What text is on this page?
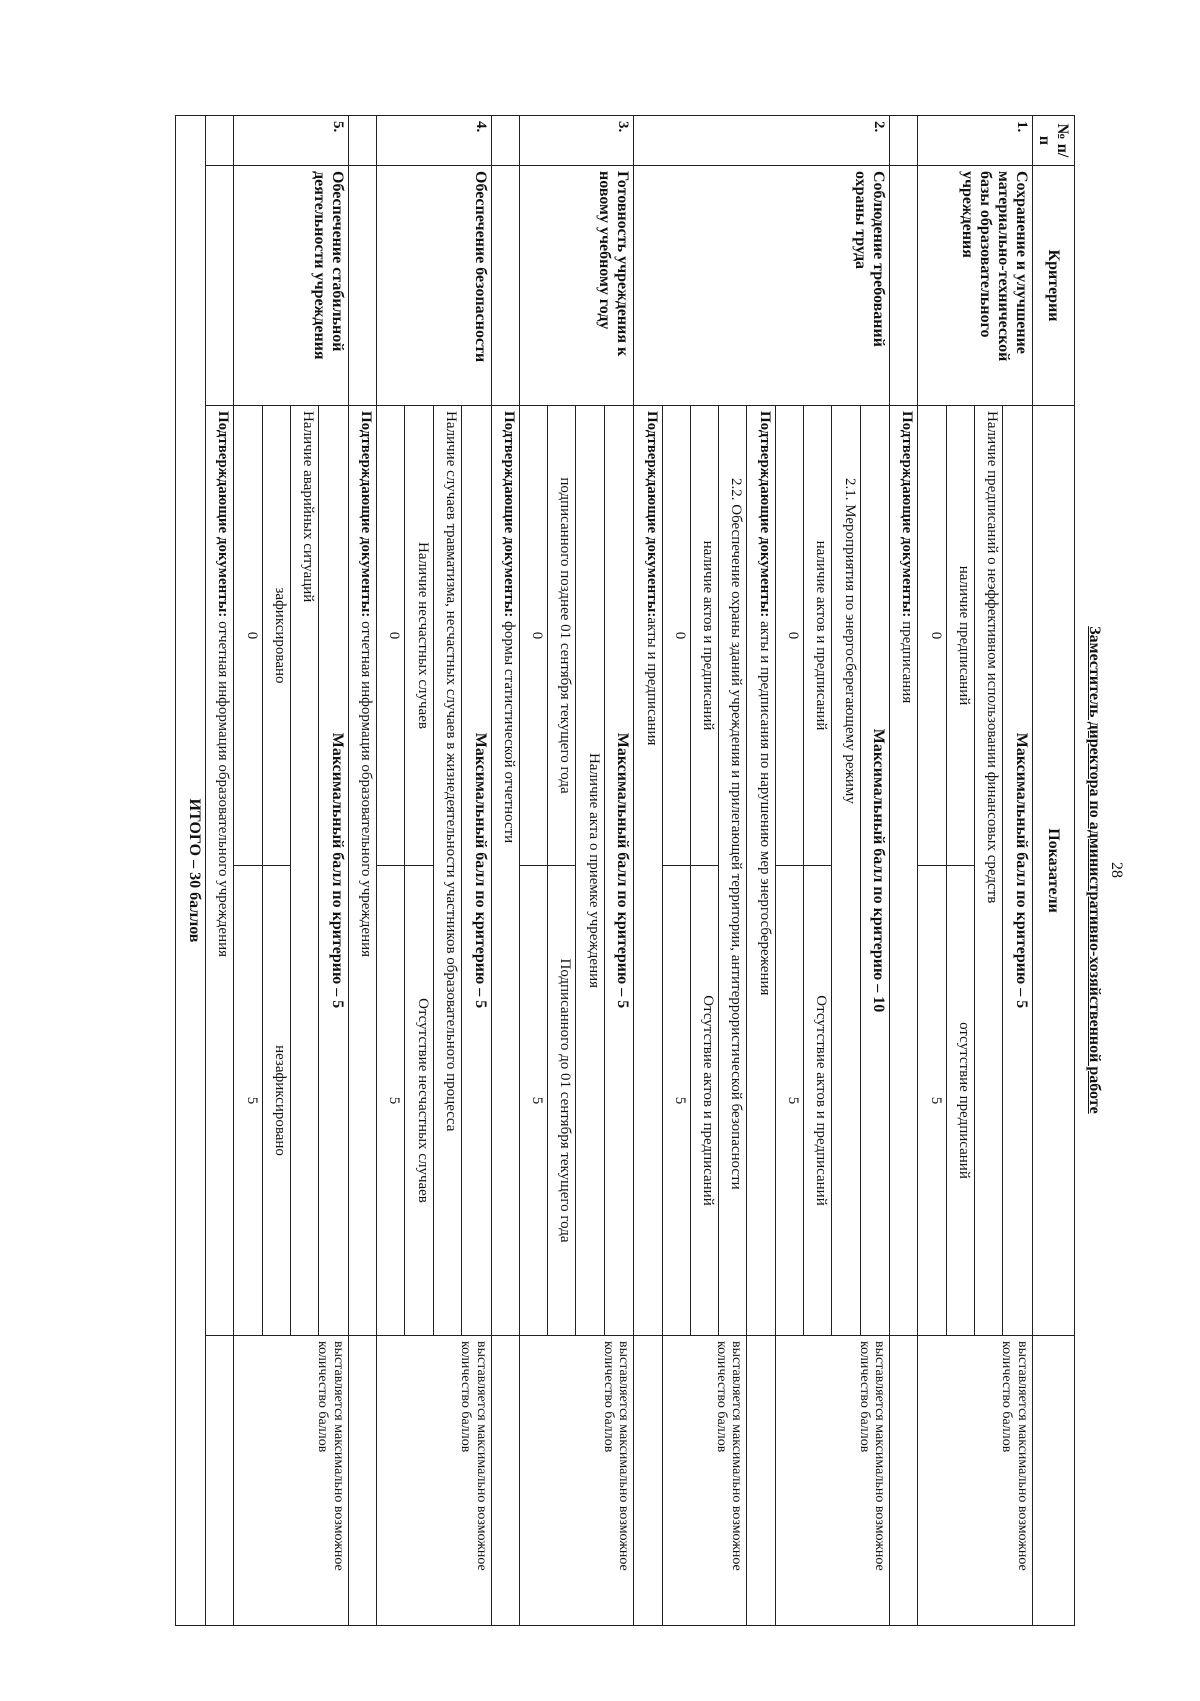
28
Заместитель директора по административно-хозяйственной работе
№ п/п	Критерии	Показатели		
1.	Сохранение и улучшение материально-технической базы образовательного учреждения	Максимальный балл по критерию – 5		выставляется максимально возможное количество баллов
		Наличие предписаний о неэффективном использовании финансовых средств		
		наличие предписаний	отсутствие предписаний	
		0	5	
		Подтверждающие документы: предписания		
2.	Соблюдение требований охраны труда	Максимальный балл по критерию – 10		выставляется максимально возможное количество баллов
		2.1. Мероприятия по энергосберегающему режиму		
		наличие актов и предписаний	Отсутствие актов и предписаний	
		0	5	
		Подтверждающие документы: акты и предписания по нарушению мер энергосбережения		
		2.2. Обеспечение охраны зданий учреждения и прилегающей территории, антитеррористической безопасности		выставляется максимально возможное количество баллов
		наличие актов и предписаний	Отсутствие актов и предписаний	
		0	5	
		Подтверждающие документы:акты и предписания		
3.	Готовность учреждения к новому учебному году	Максимальный балл по критерию – 5		выставляется максимально возможное количество баллов
		Наличие акта о приемке учреждения		
		подписанного позднее 01 сентября текущего года	Подписанного до 01 сентября текущего года	
		0	5	
		Подтверждающие документы: формы статистической отчетности		
4.	Обеспечение безопасности	Максимальный балл по критерию – 5		выставляется максимально возможное количество баллов
		Наличие случаев травматизма, несчастных случаев в жизнедеятельности участников образовательного процесса		
		Наличие несчастных случаев	Отсутствие несчастных случаев	
		0	5	
		Подтверждающие документы: отчетная информация образовательного учреждения		
5.	Обеспечение стабильной деятельности учреждения	Максимальный балл по критерию – 5		выставляется максимально возможное количество баллов
		Наличие аварийных ситуаций		
		зафиксировано	незафиксировано	
		0	5	
		Подтверждающие документы: отчетная информация образовательного учреждения		
ИТОГО – 30 баллов				
